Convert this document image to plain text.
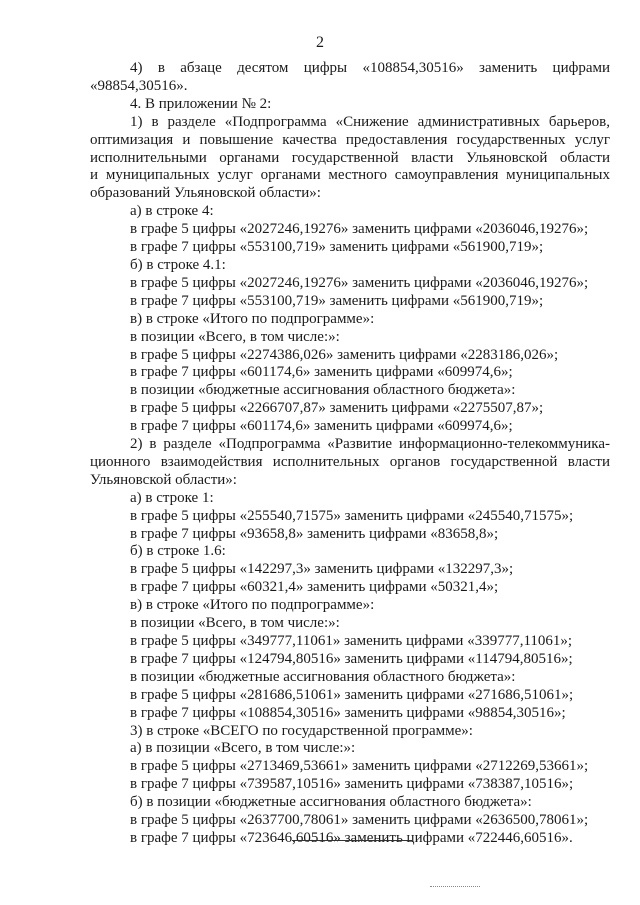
2
4) в абзаце десятом цифры «108854,30516» заменить цифрами
«98854,30516».
4. В приложении № 2:
1) в разделе «Подпрограмма «Снижение административных барьеров,
оптимизация и повышение качества предоставления государственных услуг
исполнительными органами государственной власти Ульяновской области
и муниципальных услуг органами местного самоуправления муниципальных
образований Ульяновской области»:
а) в строке 4:
в графе 5 цифры «2027246,19276» заменить цифрами «2036046,19276»;
в графе 7 цифры «553100,719» заменить цифрами «561900,719»;
б) в строке 4.1:
в графе 5 цифры «2027246,19276» заменить цифрами «2036046,19276»;
в графе 7 цифры «553100,719» заменить цифрами «561900,719»;
в) в строке «Итого по подпрограмме»:
в позиции «Всего, в том числе:»:
в графе 5 цифры «2274386,026» заменить цифрами «2283186,026»;
в графе 7 цифры «601174,6» заменить цифрами «609974,6»;
в позиции «бюджетные ассигнования областного бюджета»:
в графе 5 цифры «2266707,87» заменить цифрами «2275507,87»;
в графе 7 цифры «601174,6» заменить цифрами «609974,6»;
2) в разделе «Подпрограмма «Развитие информационно-телекоммуника-
ционного взаимодействия исполнительных органов государственной власти
Ульяновской области»:
а) в строке 1:
в графе 5 цифры «255540,71575» заменить цифрами «245540,71575»;
в графе 7 цифры «93658,8» заменить цифрами «83658,8»;
б) в строке 1.6:
в графе 5 цифры «142297,3» заменить цифрами «132297,3»;
в графе 7 цифры «60321,4» заменить цифрами «50321,4»;
в) в строке «Итого по подпрограмме»:
в позиции «Всего, в том числе:»:
в графе 5 цифры «349777,11061» заменить цифрами «339777,11061»;
в графе 7 цифры «124794,80516» заменить цифрами «114794,80516»;
в позиции «бюджетные ассигнования областного бюджета»:
в графе 5 цифры «281686,51061» заменить цифрами «271686,51061»;
в графе 7 цифры «108854,30516» заменить цифрами «98854,30516»;
3) в строке «ВСЕГО по государственной программе»:
а) в позиции «Всего, в том числе:»:
в графе 5 цифры «2713469,53661» заменить цифрами «2712269,53661»;
в графе 7 цифры «739587,10516» заменить цифрами «738387,10516»;
б) в позиции «бюджетные ассигнования областного бюджета»:
в графе 5 цифры «2637700,78061» заменить цифрами «2636500,78061»;
в графе 7 цифры «723646,60516» заменить цифрами «722446,60516».
